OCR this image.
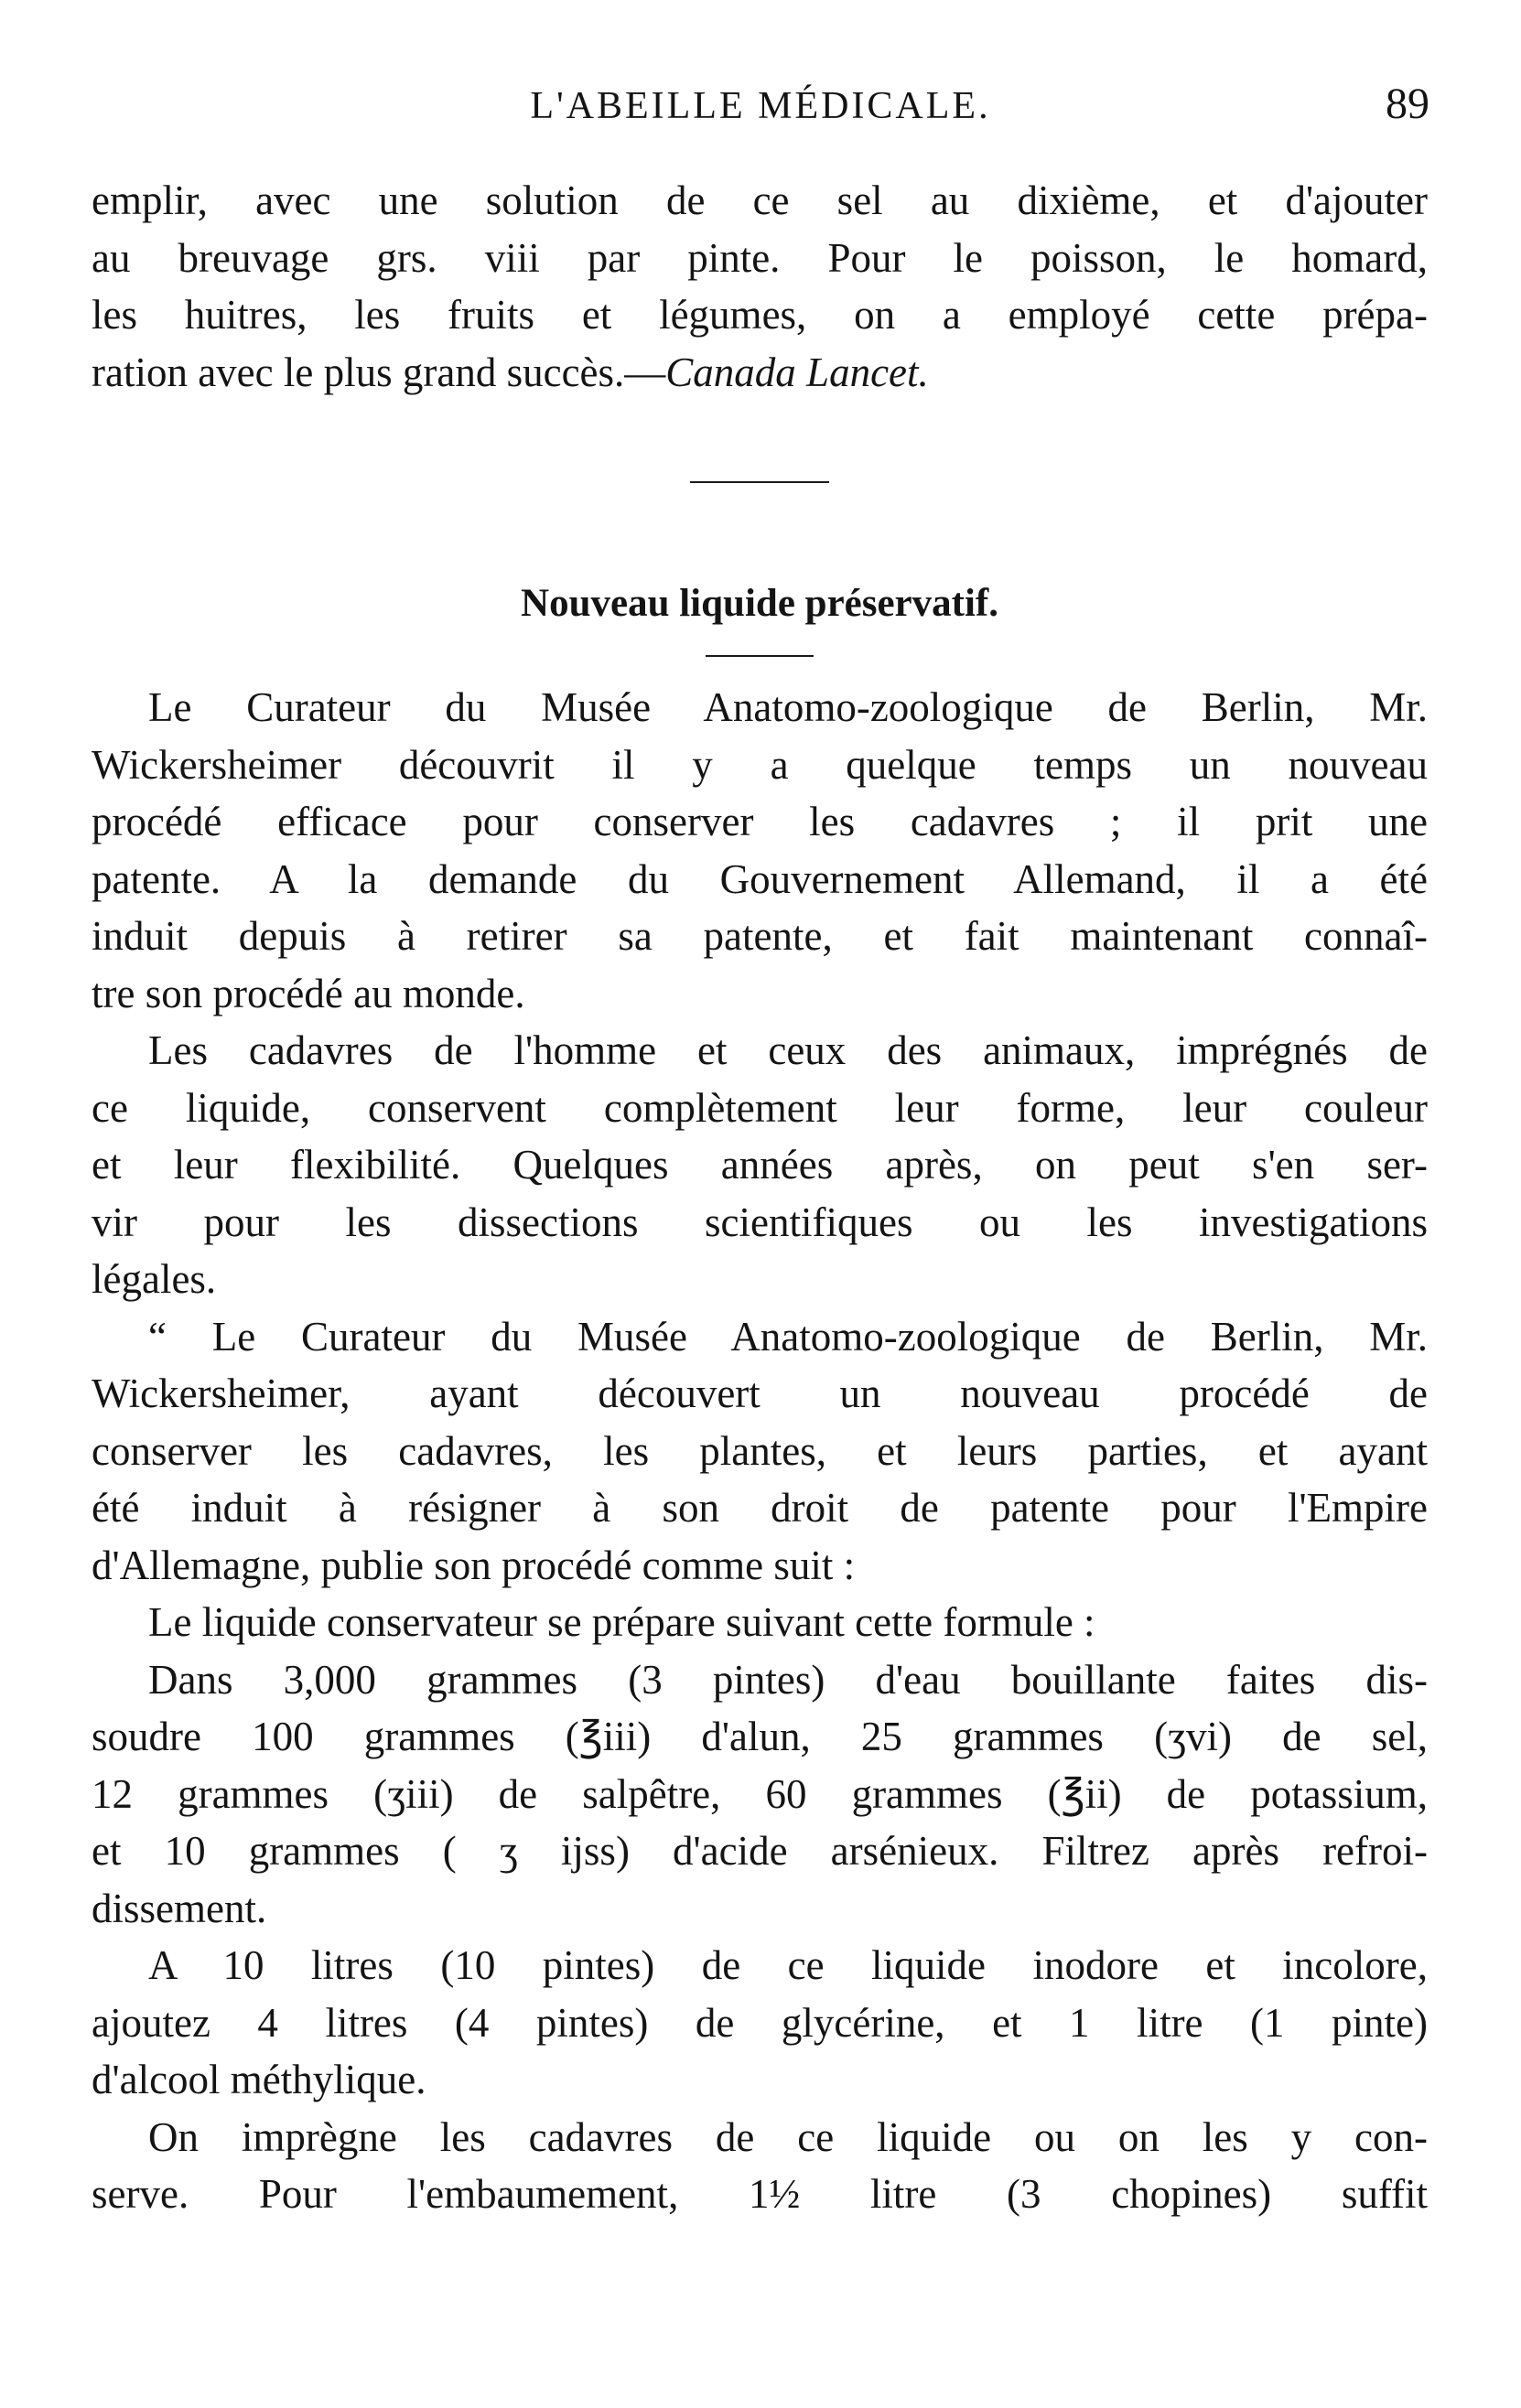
L'ABEILLE MÉDICALE.	89

emplir, avec une solution de ce sel au dixième, et d'ajouter

au breuvage grs. viii par pinte. Pour le poisson, le homard,

les huitres, les fruits et légumes, on a employé cette prépa-

ration avec le plus grand succès.—Canada Lancet.

Nouveau liquide préservatif.

Le Curateur du Musée Anatomo-zoologique de Berlin, Mr.

Wickersheimer découvrit il y a quelque temps un nouveau

procédé efficace pour conserver les cadavres ; il prit une

patente. A la demande du Gouvernement Allemand, il a été

induit depuis à retirer sa patente, et fait maintenant connaî-

tre son procédé au monde.

Les cadavres de l'homme et ceux des animaux, imprégnés de

ce liquide, conservent complètement leur forme, leur couleur

et leur flexibilité. Quelques années après, on peut s'en ser-

vir pour les dissections scientifiques ou les investigations

légales.

“ Le Curateur du Musée Anatomo-zoologique de Berlin, Mr.

Wickersheimer, ayant découvert un nouveau procédé de

conserver les cadavres, les plantes, et leurs parties, et ayant

été induit à résigner à son droit de patente pour l'Empire

d'Allemagne, publie son procédé comme suit :

Le liquide conservateur se prépare suivant cette formule :

Dans 3,000 grammes (3 pintes) d'eau bouillante faites dis-

soudre 100 grammes (℥iii) d'alun, 25 grammes (ʒvi) de sel,

12 grammes (ʒiii) de salpêtre, 60 grammes (℥ii) de potassium,

et 10 grammes ( ʒ ijss) d'acide arsénieux. Filtrez après refroi-

dissement.

A 10 litres (10 pintes) de ce liquide inodore et incolore,

ajoutez 4 litres (4 pintes) de glycérine, et 1 litre (1 pinte)

d'alcool méthylique.

On imprègne les cadavres de ce liquide ou on les y con-

serve. Pour l'embaumement, 1½ litre (3 chopines) suffit
